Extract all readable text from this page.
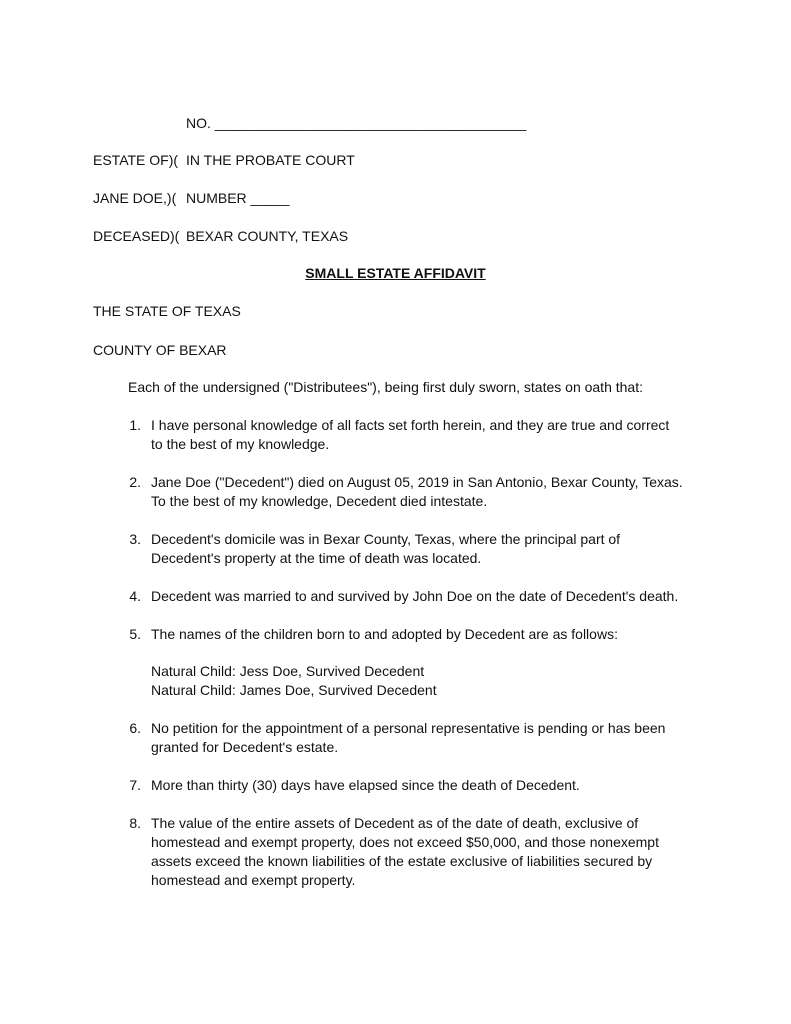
NO. ________________________________________
ESTATE OF)( IN THE PROBATE COURT
JANE DOE,)( NUMBER _____
DECEASED)( BEXAR COUNTY, TEXAS
SMALL ESTATE AFFIDAVIT
THE STATE OF TEXAS
COUNTY OF BEXAR
Each of the undersigned ("Distributees"), being first duly sworn, states on oath that:
1. I have personal knowledge of all facts set forth herein, and they are true and correct
to the best of my knowledge.
2. Jane Doe ("Decedent") died on August 05, 2019 in San Antonio, Bexar County, Texas.
To the best of my knowledge, Decedent died intestate.
3. Decedent's domicile was in Bexar County, Texas, where the principal part of
Decedent's property at the time of death was located.
4. Decedent was married to and survived by John Doe on the date of Decedent's death.
5. The names of the children born to and adopted by Decedent are as follows:
Natural Child: Jess Doe, Survived Decedent
Natural Child: James Doe, Survived Decedent
6. No petition for the appointment of a personal representative is pending or has been
granted for Decedent's estate.
7. More than thirty (30) days have elapsed since the death of Decedent.
8. The value of the entire assets of Decedent as of the date of death, exclusive of
homestead and exempt property, does not exceed $50,000, and those nonexempt
assets exceed the known liabilities of the estate exclusive of liabilities secured by
homestead and exempt property.
